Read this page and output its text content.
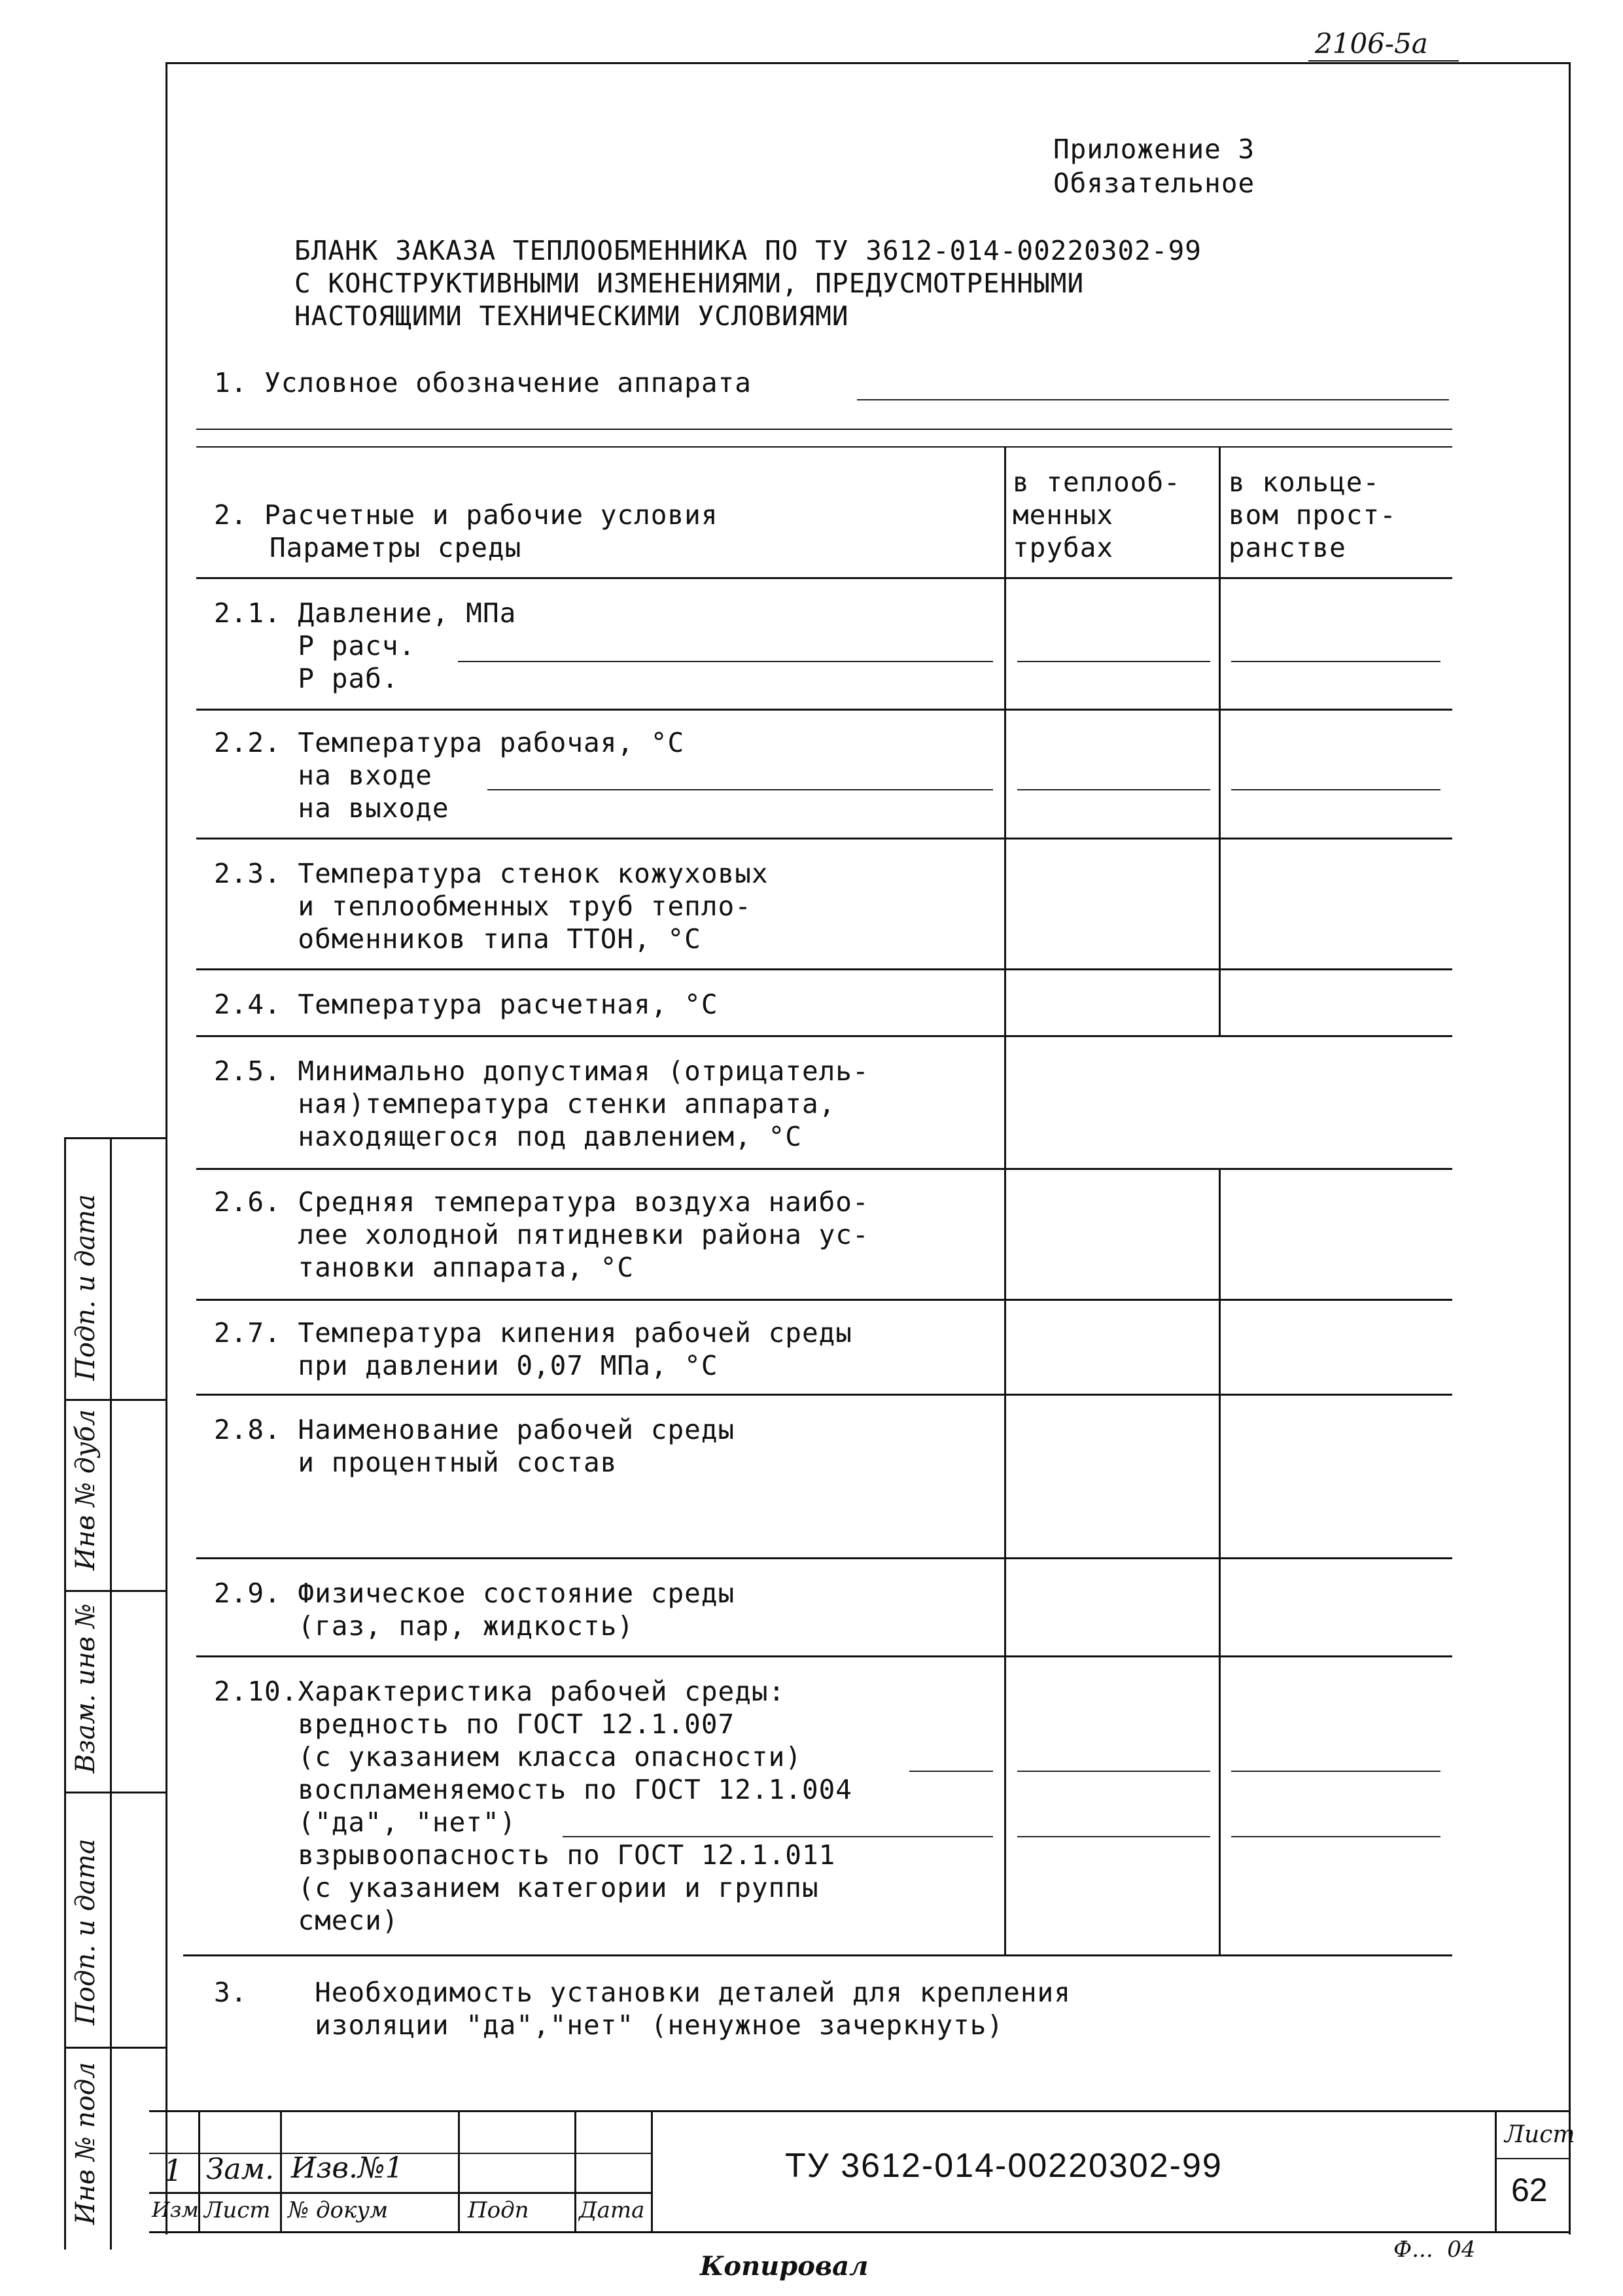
2106-5a
Приложение 3
Обязательное
БЛАНК ЗАКАЗА ТЕПЛООБМЕННИКА ПО ТУ 3612-014-00220302-99
С КОНСТРУКТИВНЫМИ ИЗМЕНЕНИЯМИ, ПРЕДУСМОТРЕННЫМИ
НАСТОЯЩИМИ ТЕХНИЧЕСКИМИ УСЛОВИЯМИ
1. Условное обозначение аппарата
2. Расчетные и рабочие условия
Параметры среды
в теплооб-
менных
трубах
в кольце-
вом прост-
ранстве
2.1. Давление, МПа
Р расч.
Р раб.
2.2. Температура рабочая, °С
на входе
на выходе
2.3. Температура стенок кожуховых
и теплообменных труб тепло-
обменников типа ТТОН, °С
2.4. Температура расчетная, °С
2.5. Минимально допустимая (отрицатель-
ная)температура стенки аппарата,
находящегося под давлением, °С
2.6. Средняя температура воздуха наибо-
лее холодной пятидневки района ус-
тановки аппарата, °С
2.7. Температура кипения рабочей среды
при давлении 0,07 МПа, °С
2.8. Наименование рабочей среды
и процентный состав
2.9. Физическое состояние среды
(газ, пар, жидкость)
2.10.Характеристика рабочей среды:
вредность по ГОСТ 12.1.007
(с указанием класса опасности)
воспламеняемость по ГОСТ 12.1.004
("да", "нет")
взрывоопасность по ГОСТ 12.1.011
(с указанием категории и группы
смеси)
3.    Необходимость установки деталей для крепления
изоляции "да","нет" (ненужное зачеркнуть)
Подп. и дата
Инв № дубл
Взам. инв №
Подп. и дата
Инв № подл 1 Зам. Изв.№1
Изм Лист № докум	Подп Дата
ТУ 3612-014-00220302-99
Лист
62
Копировал
Ф...  04
